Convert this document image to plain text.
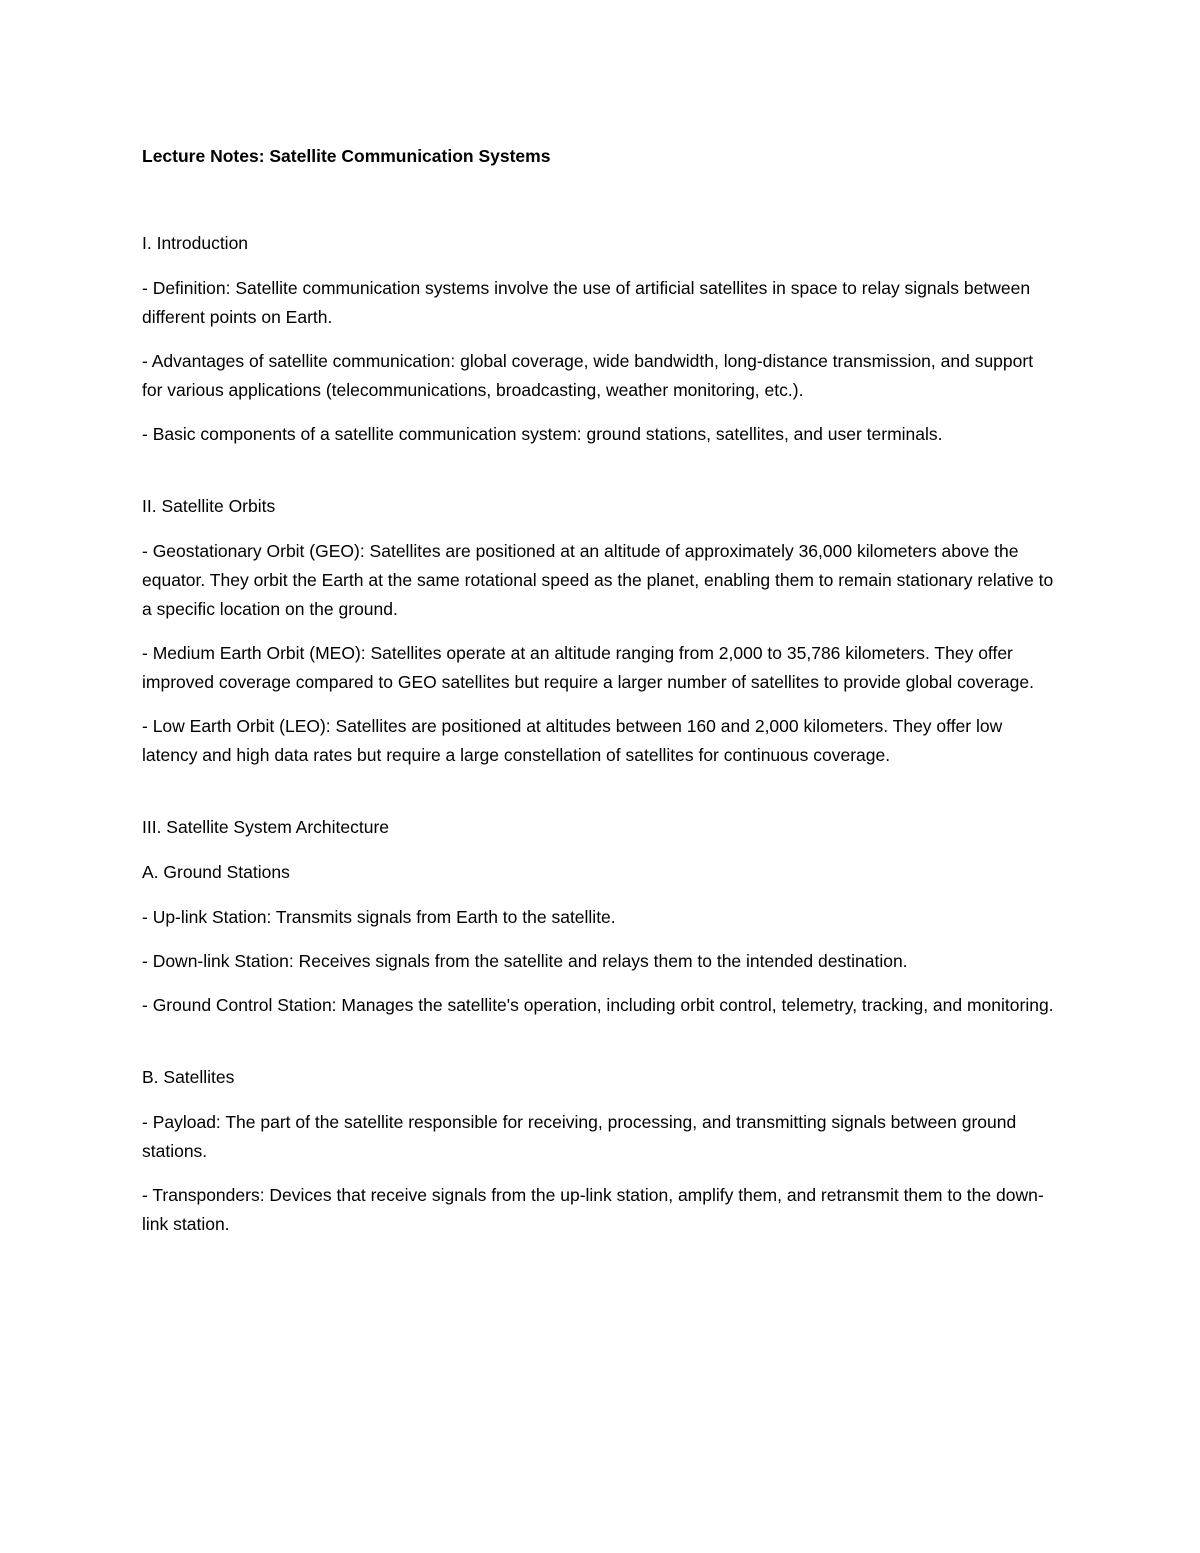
Lecture Notes: Satellite Communication Systems

I. Introduction

- Definition: Satellite communication systems involve the use of artificial satellites in space to relay signals between different points on Earth.

- Advantages of satellite communication: global coverage, wide bandwidth, long-distance transmission, and support for various applications (telecommunications, broadcasting, weather monitoring, etc.).

- Basic components of a satellite communication system: ground stations, satellites, and user terminals.

II. Satellite Orbits

- Geostationary Orbit (GEO): Satellites are positioned at an altitude of approximately 36,000 kilometers above the equator. They orbit the Earth at the same rotational speed as the planet, enabling them to remain stationary relative to a specific location on the ground.

- Medium Earth Orbit (MEO): Satellites operate at an altitude ranging from 2,000 to 35,786 kilometers. They offer improved coverage compared to GEO satellites but require a larger number of satellites to provide global coverage.

- Low Earth Orbit (LEO): Satellites are positioned at altitudes between 160 and 2,000 kilometers. They offer low latency and high data rates but require a large constellation of satellites for continuous coverage.

III. Satellite System Architecture

A. Ground Stations

- Up-link Station: Transmits signals from Earth to the satellite.

- Down-link Station: Receives signals from the satellite and relays them to the intended destination.

- Ground Control Station: Manages the satellite's operation, including orbit control, telemetry, tracking, and monitoring.

B. Satellites

- Payload: The part of the satellite responsible for receiving, processing, and transmitting signals between ground stations.

- Transponders: Devices that receive signals from the up-link station, amplify them, and retransmit them to the down-link station.
